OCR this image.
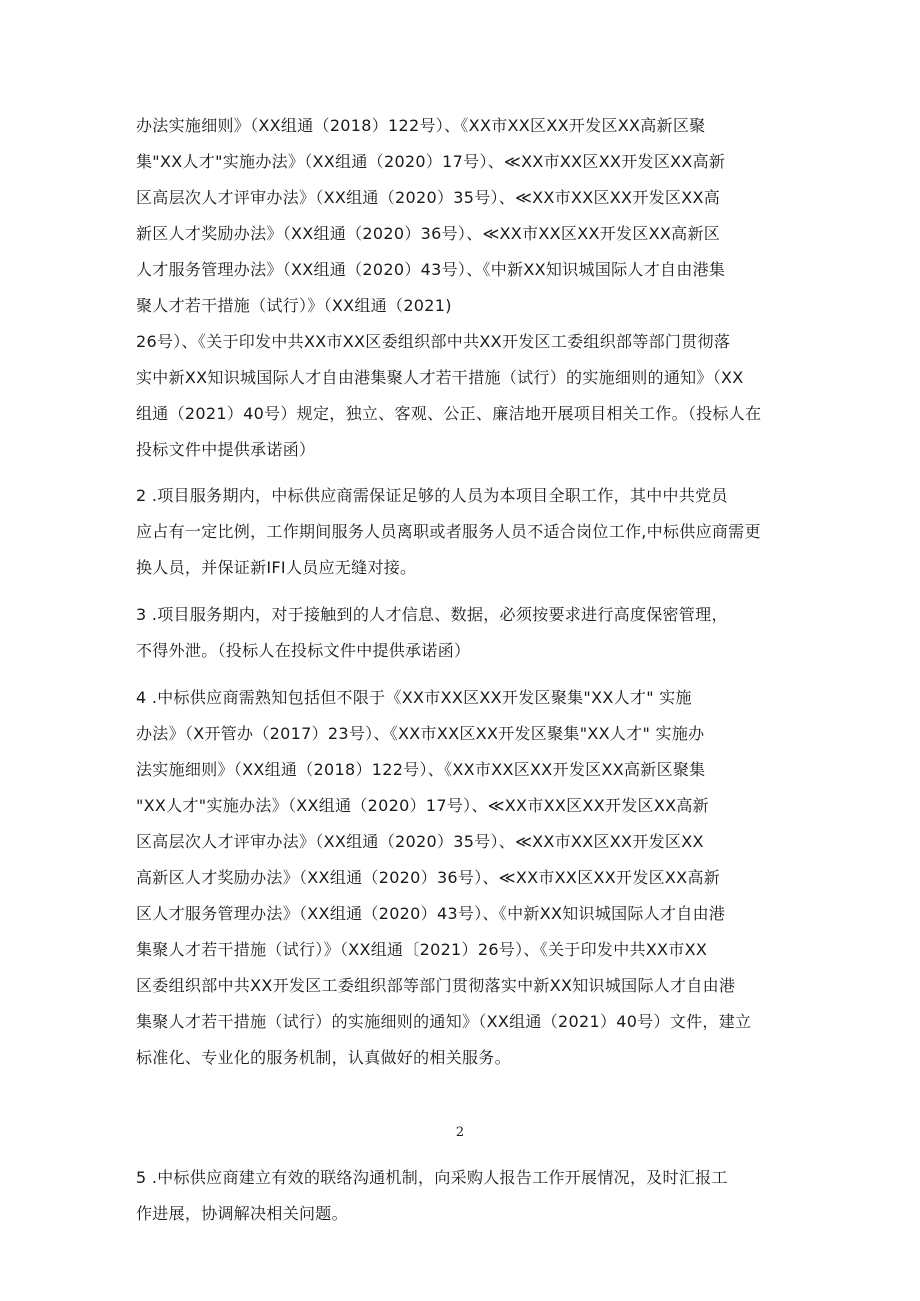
办法实施细则》（XX组通（2018）122号）、《XX市XX区XX开发区XX高新区聚
集"XX人才"实施办法》（XX组通（2020）17号）、≪XX市XX区XX开发区XX高新
区高层次人才评审办法》（XX组通（2020）35号）、≪XX市XX区XX开发区XX高
新区人才奖励办法》（XX组通（2020）36号）、≪XX市XX区XX开发区XX高新区
人才服务管理办法》（XX组通（2020）43号）、《中新XX知识城国际人才自由港集
聚人才若干措施（试行）》（XX组通（2021)
26号）、《关于印发中共XX市XX区委组织部中共XX开发区工委组织部等部门贯彻落
实中新XX知识城国际人才自由港集聚人才若干措施（试行）的实施细则的通知》（XX
组通（2021）40号）规定，独立、客观、公正、廉洁地开展项目相关工作。（投标人在
投标文件中提供承诺函）
2 .项目服务期内，中标供应商需保证足够的人员为本项目全职工作，其中中共党员
应占有一定比例，工作期间服务人员离职或者服务人员不适合岗位工作,中标供应商需更
换人员，并保证新IFI人员应无缝对接。
3 .项目服务期内，对于接触到的人才信息、数据，必须按要求进行高度保密管理，
不得外泄。（投标人在投标文件中提供承诺函）
4 .中标供应商需熟知包括但不限于《XX市XX区XX开发区聚集"XX人才" 实施
办法》（X开管办（2017）23号）、《XX市XX区XX开发区聚集"XX人才" 实施办
法实施细则》（XX组通（2018）122号）、《XX市XX区XX开发区XX高新区聚集
"XX人才"实施办法》（XX组通（2020）17号）、≪XX市XX区XX开发区XX高新
区高层次人才评审办法》（XX组通（2020）35号）、≪XX市XX区XX开发区XX
高新区人才奖励办法》（XX组通（2020）36号）、≪XX市XX区XX开发区XX高新
区人才服务管理办法》（XX组通（2020）43号）、《中新XX知识城国际人才自由港
集聚人才若干措施（试行）》（XX组通〔2021）26号）、《关于印发中共XX市XX
区委组织部中共XX开发区工委组织部等部门贯彻落实中新XX知识城国际人才自由港
集聚人才若干措施（试行）的实施细则的通知》（XX组通（2021）40号）文件，建立
标准化、专业化的服务机制，认真做好的相关服务。
2
5 .中标供应商建立有效的联络沟通机制，向采购人报告工作开展情况，及时汇报工
作进展，协调解决相关问题。
